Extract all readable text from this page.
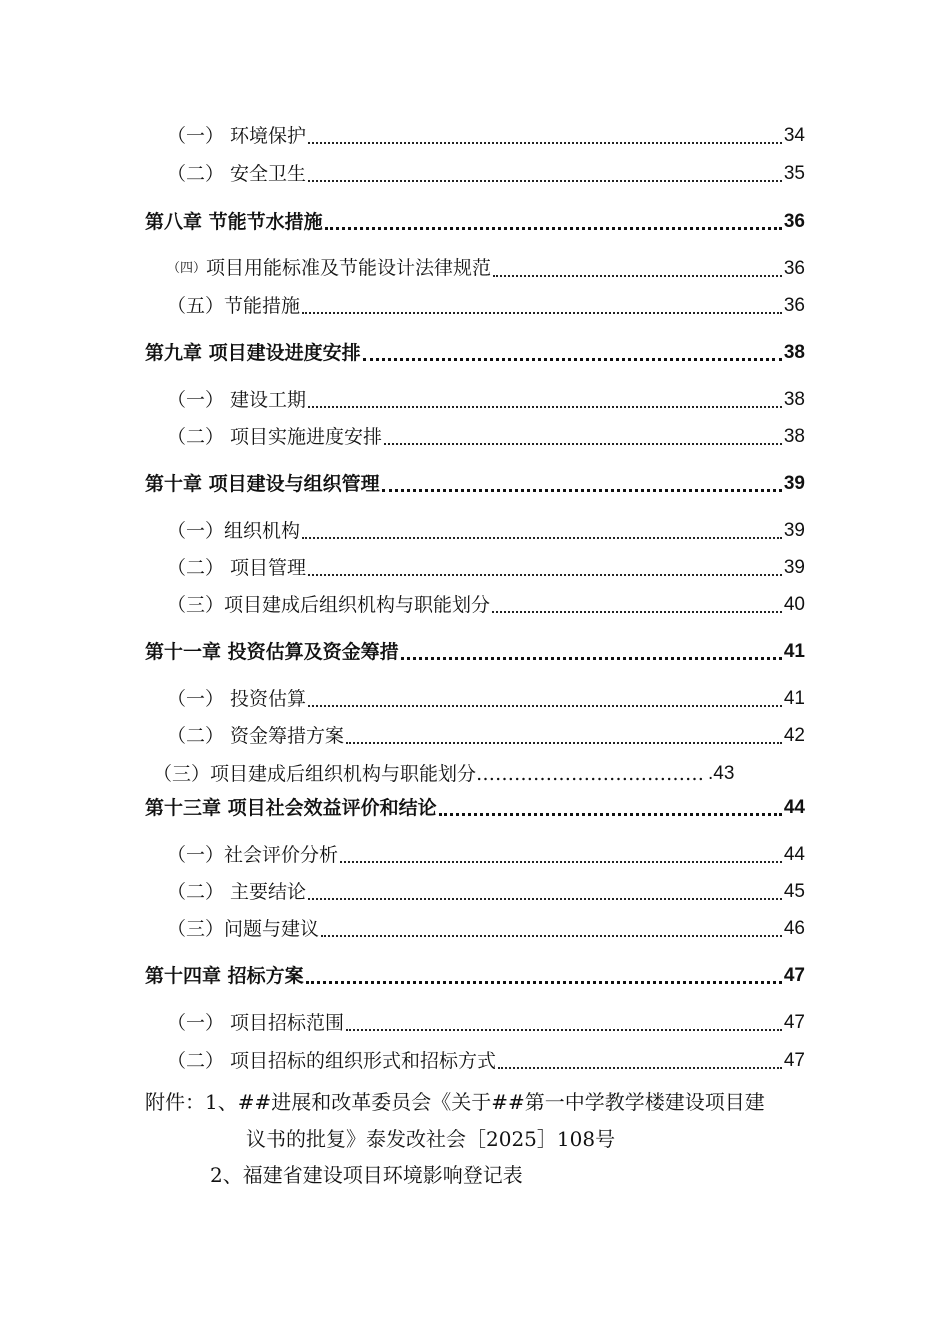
（一） 环境保护	34
（二） 安全卫生	35
第八章 节能节水措施	36
（四）项目用能标准及节能设计法律规范	36
（五）节能措施	36
第九章 项目建设进度安排	38
（一） 建设工期	38
（二） 项目实施进度安排	38
第十章 项目建设与组织管理	39
（一）组织机构	39
（二） 项目管理	39
（三）项目建成后组织机构与职能划分	40
第十一章 投资估算及资金筹措	41
（一） 投资估算	41
（二） 资金筹措方案	42
（三）项目建成后组织机构与职能划分……………………………… .43
第十三章 项目社会效益评价和结论	44
（一）社会评价分析	44
（二） 主要结论	45
（三）问题与建议	46
第十四章 招标方案	47
（一） 项目招标范围	47
（二） 项目招标的组织形式和招标方式	47
附件：1、##进展和改革委员会《关于##第一中学教学楼建设项目建
议书的批复》泰发改社会［2025］108号
2、福建省建设项目环境影响登记表
